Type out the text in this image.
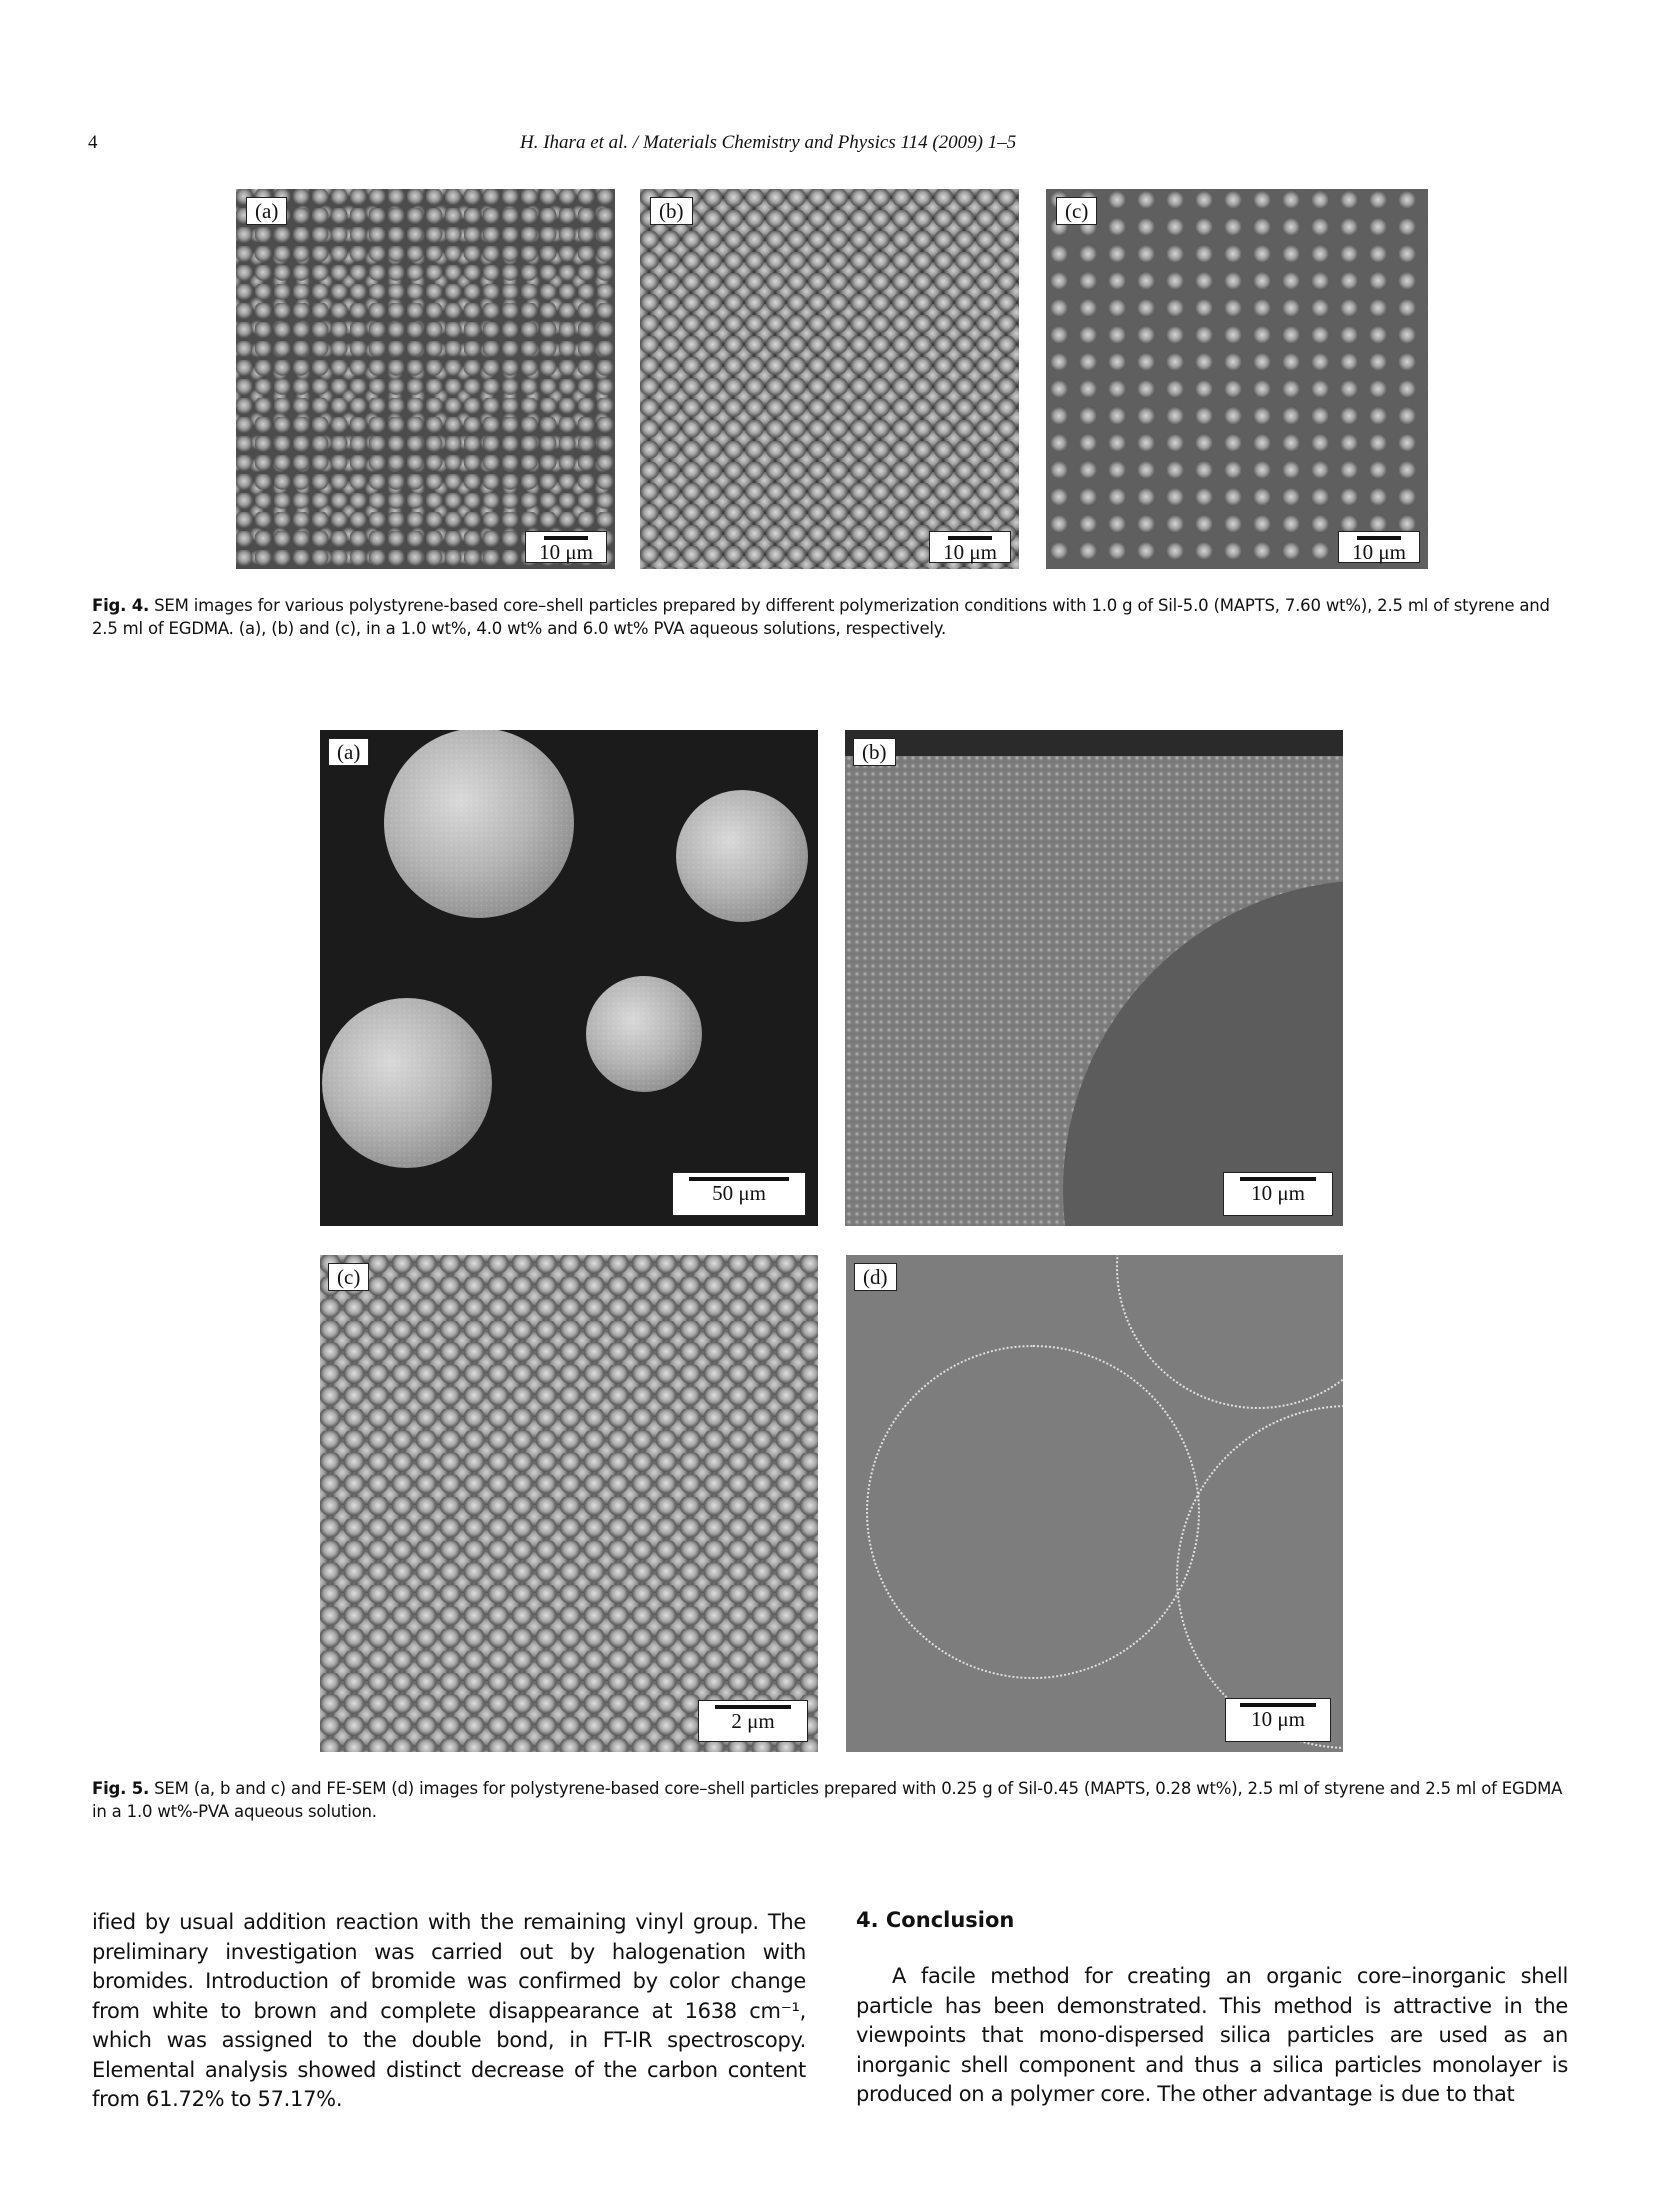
4	H. Ihara et al. / Materials Chemistry and Physics 114 (2009) 1–5
(a)
10 μm
(b)
10 μm
(c)
10 μm
Fig. 4. SEM images for various polystyrene-based core–shell particles prepared by different polymerization conditions with 1.0 g of Sil-5.0 (MAPTS, 7.60 wt%), 2.5 ml of styrene and 2.5 ml of EGDMA. (a), (b) and (c), in a 1.0 wt%, 4.0 wt% and 6.0 wt% PVA aqueous solutions, respectively.
(a)
50 μm
(b)
10 μm
(c)
2 μm
(d)
10 μm
Fig. 5. SEM (a, b and c) and FE-SEM (d) images for polystyrene-based core–shell particles prepared with 0.25 g of Sil-0.45 (MAPTS, 0.28 wt%), 2.5 ml of styrene and 2.5 ml of EGDMA in a 1.0 wt%-PVA aqueous solution.

ified by usual addition reaction with the remaining vinyl group. The preliminary investigation was carried out by halogenation with bromides. Introduction of bromide was confirmed by color change from white to brown and complete disappearance at 1638 cm⁻¹, which was assigned to the double bond, in FT-IR spectroscopy. Elemental analysis showed distinct decrease of the carbon content from 61.72% to 57.17%.

4. Conclusion

A facile method for creating an organic core–inorganic shell particle has been demonstrated. This method is attractive in the viewpoints that mono-dispersed silica particles are used as an inorganic shell component and thus a silica particles monolayer is produced on a polymer core. The other advantage is due to that
